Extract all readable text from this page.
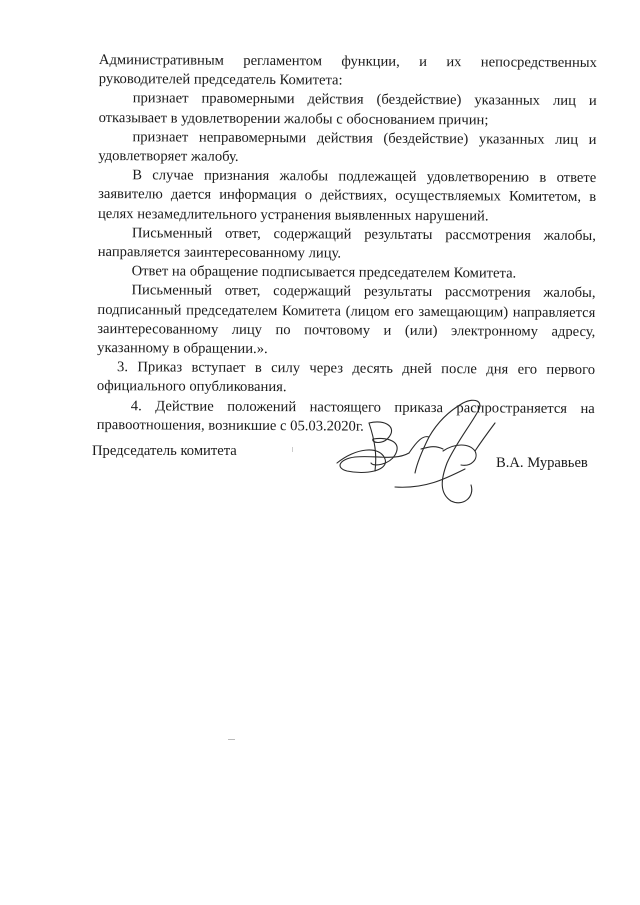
Административным регламентом функции, и их непосредственных руководителей председатель Комитета:

признает правомерными действия (бездействие) указанных лиц и отказывает в удовлетворении жалобы с обоснованием причин;

признает неправомерными действия (бездействие) указанных лиц и удовлетворяет жалобу.

В случае признания жалобы подлежащей удовлетворению в ответе заявителю дается информация о действиях, осуществляемых Комитетом, в целях незамедлительного устранения выявленных нарушений.

Письменный ответ, содержащий результаты рассмотрения жалобы, направляется заинтересованному лицу.

Ответ на обращение подписывается председателем Комитета.

Письменный ответ, содержащий результаты рассмотрения жалобы, подписанный председателем Комитета (лицом его замещающим) направляется заинтересованному лицу по почтовому и (или) электронному адресу, указанному в обращении.».

3. Приказ вступает в силу через десять дней после дня его первого официального опубликования.

4. Действие положений настоящего приказа распространяется на правоотношения, возникшие с 05.03.2020г.

Председатель комитета
В.А. Муравьев
